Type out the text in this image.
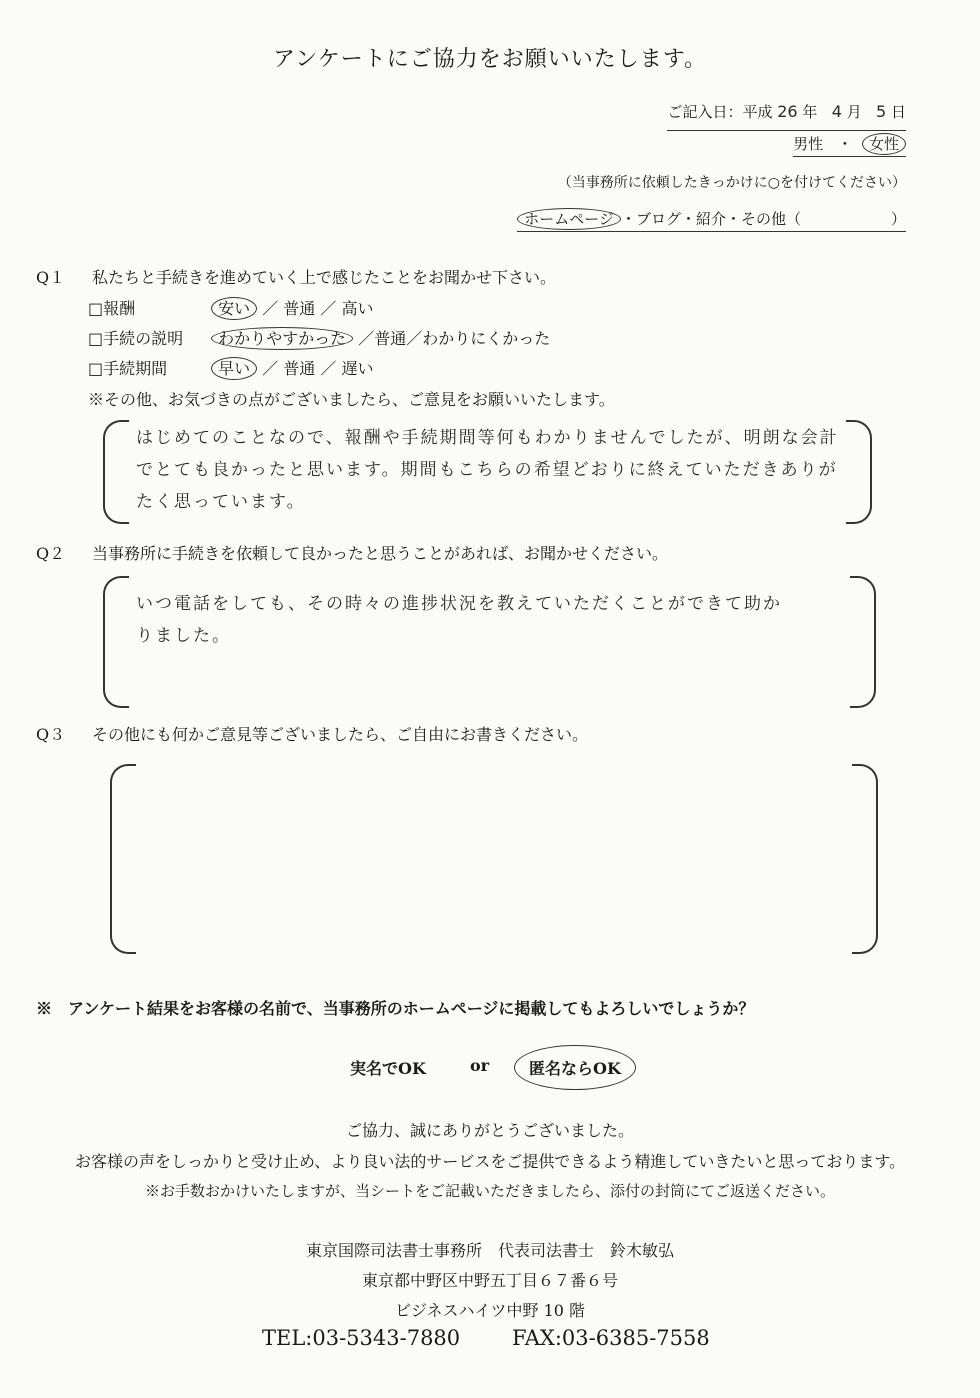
アンケートにご協力をお願いいたします。
ご記入日：平成 26 年 4 月 5 日
男性 ・ 女性
（当事務所に依頼したきっかけに○を付けてください）
ホームページ ・ブログ・紹介・その他（　　　　　　）
Q１ 私たちと手続きを進めていく上で感じたことをお聞かせ下さい。
□報酬	安い ／ 普通 ／ 高い
□手続の説明 わかりやすかった ／普通／わかりにくかった
□手続期間	早い ／ 普通 ／ 遅い
※その他、お気づきの点がございましたら、ご意見をお願いいたします。
はじめてのことなので、報酬や手続期間等何もわかりませんでしたが、明朗な会計でとても良かったと思います。期間もこちらの希望どおりに終えていただきありがたく思っています。
Q２ 当事務所に手続きを依頼して良かったと思うことがあれば、お聞かせください。
いつ電話をしても、その時々の進捗状況を教えていただくことができて助かりました。
Q３ その他にも何かご意見等ございましたら、ご自由にお書きください。
※　アンケート結果をお客様の名前で、当事務所のホームページに掲載してもよろしいでしょうか？
実名でOK	or	匿名ならOK
ご協力、誠にありがとうございました。
お客様の声をしっかりと受け止め、より良い法的サービスをご提供できるよう精進していきたいと思っております。
※お手数おかけいたしますが、当シートをご記載いただきましたら、添付の封筒にてご返送ください。
東京国際司法書士事務所　代表司法書士　鈴木敏弘
東京都中野区中野五丁目６７番６号
ビジネスハイツ中野 10 階
TEL:03-5343-7880 FAX:03-6385-7558
